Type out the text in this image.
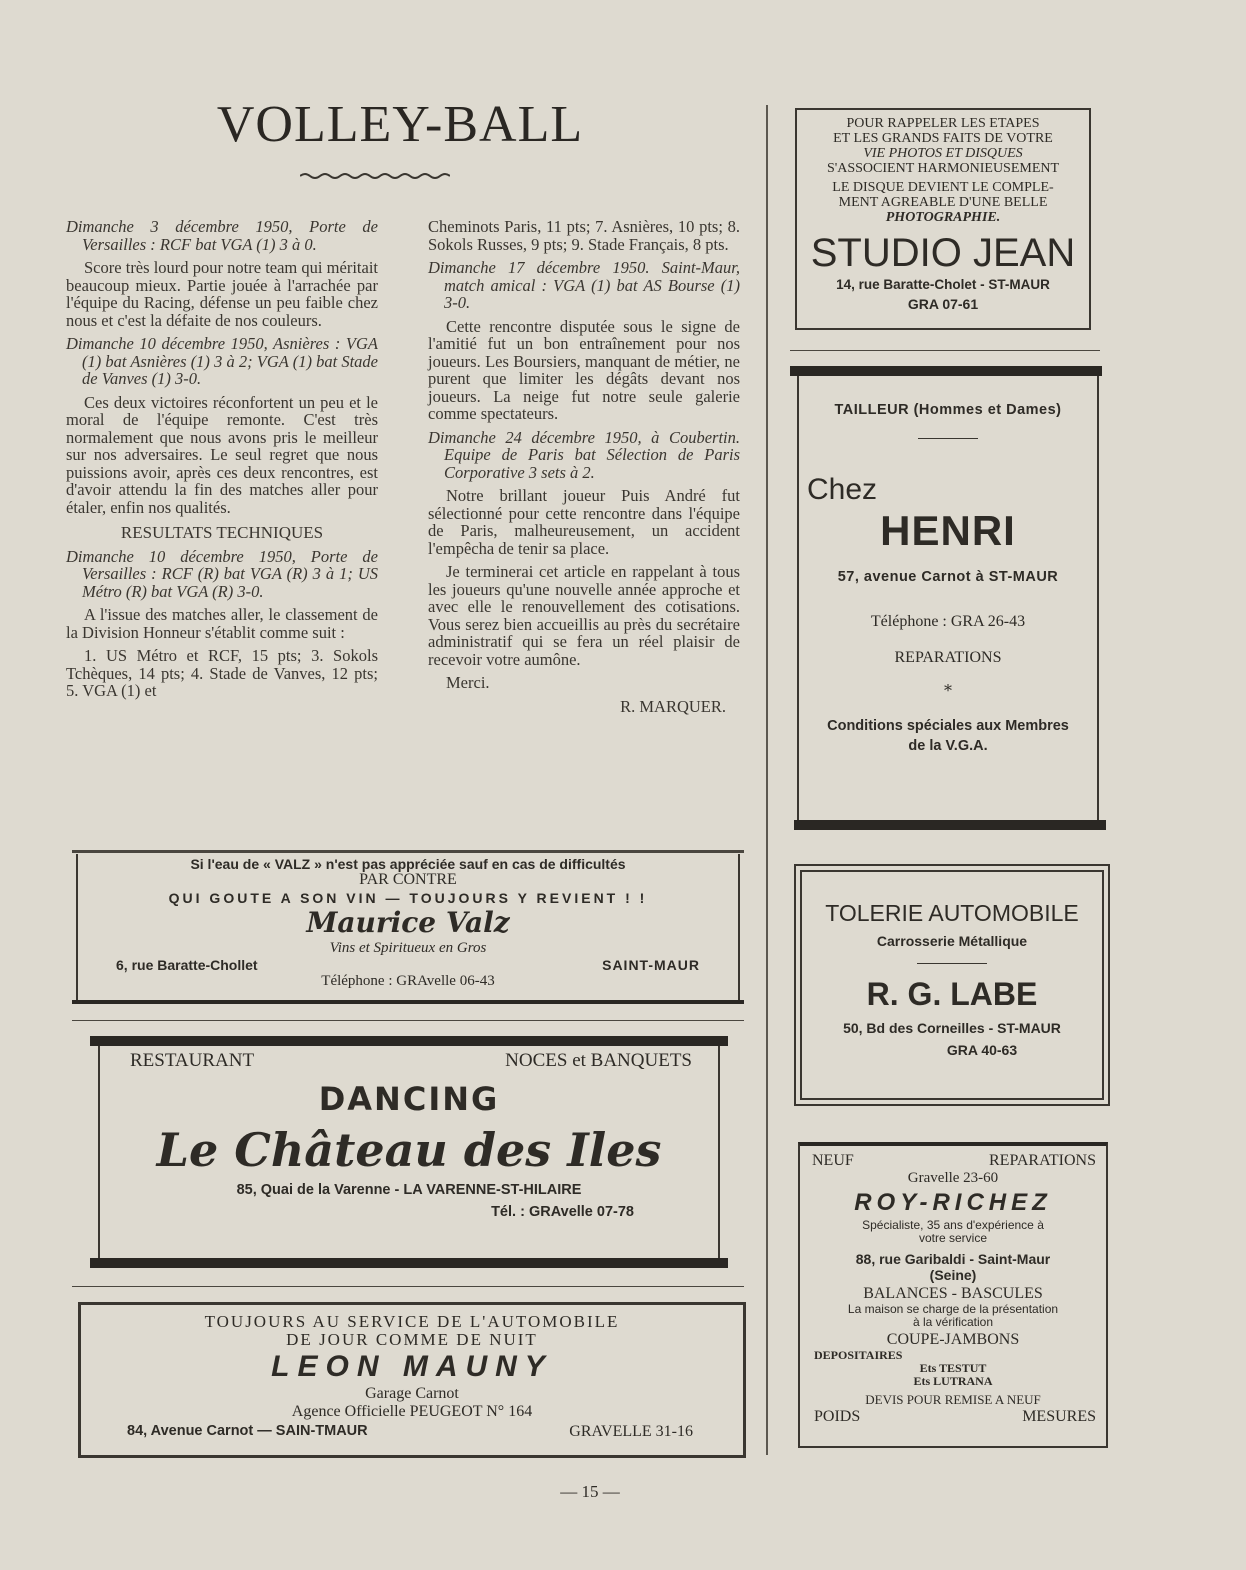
VOLLEY-BALL

Dimanche 3 décembre 1950, Porte de Versailles : RCF bat VGA (1) 3 à 0.

Score très lourd pour notre team qui méritait beaucoup mieux. Partie jouée à l'arrachée par l'équipe du Racing, défense un peu faible chez nous et c'est la défaite de nos couleurs.

Dimanche 10 décembre 1950, Asnières : VGA (1) bat Asnières (1) 3 à 2; VGA (1) bat Stade de Vanves (1) 3-0.

Ces deux victoires réconfortent un peu et le moral de l'équipe remonte. C'est très normalement que nous avons pris le meilleur sur nos adversaires. Le seul regret que nous puissions avoir, après ces deux rencontres, est d'avoir attendu la fin des matches aller pour étaler, enfin nos qualités.

RESULTATS TECHNIQUES

Dimanche 10 décembre 1950, Porte de Versailles : RCF (R) bat VGA (R) 3 à 1; US Métro (R) bat VGA (R) 3-0.

A l'issue des matches aller, le classement de la Division Honneur s'établit comme suit :

1. US Métro et RCF, 15 pts; 3. Sokols Tchèques, 14 pts; 4. Stade de Vanves, 12 pts; 5. VGA (1) et

Cheminots Paris, 11 pts; 7. Asnières, 10 pts; 8. Sokols Russes, 9 pts; 9. Stade Français, 8 pts.

Dimanche 17 décembre 1950. Saint-Maur, match amical : VGA (1) bat AS Bourse (1) 3-0.

Cette rencontre disputée sous le signe de l'amitié fut un bon entraînement pour nos joueurs. Les Boursiers, manquant de métier, ne purent que limiter les dégâts devant nos joueurs. La neige fut notre seule galerie comme spectateurs.

Dimanche 24 décembre 1950, à Coubertin. Equipe de Paris bat Sélection de Paris Corporative 3 sets à 2.

Notre brillant joueur Puis André fut sélectionné pour cette rencontre dans l'équipe de Paris, malheureusement, un accident l'empêcha de tenir sa place.

Je terminerai cet article en rappelant à tous les joueurs qu'une nouvelle année approche et avec elle le renouvellement des cotisations. Vous serez bien accueillis au près du secrétaire administratif qui se fera un réel plaisir de recevoir votre aumône.

Merci.

R. MARQUER.

Si l'eau de « VALZ » n'est pas appréciée sauf en cas de difficultés
PAR CONTRE
QUI GOUTE A SON VIN — TOUJOURS Y REVIENT ! !
Maurice Valz
Vins et Spiritueux en Gros
6, rue Baratte-Chollet	SAINT-MAUR
Téléphone : GRAvelle 06-43
RESTAURANT	NOCES et BANQUETS
DANCING
Le Château des Iles
85, Quai de la Varenne - LA VARENNE-ST-HILAIRE
Tél. : GRAvelle 07-78
TOUJOURS AU SERVICE DE L'AUTOMOBILE
DE JOUR COMME DE NUIT
LEON MAUNY
Garage Carnot
Agence Officielle PEUGEOT N° 164
84, Avenue Carnot — SAIN-TMAUR	GRAVELLE 31-16
POUR RAPPELER LES ETAPES
ET LES GRANDS FAITS DE VOTRE
VIE PHOTOS ET DISQUES
S'ASSOCIENT HARMONIEUSEMENT
LE DISQUE DEVIENT LE COMPLE-
MENT AGREABLE D'UNE BELLE
PHOTOGRAPHIE.
STUDIO JEAN
14, rue Baratte-Cholet - ST-MAUR
GRA 07-61
TAILLEUR (Hommes et Dames)
Chez
HENRI
57, avenue Carnot à ST-MAUR
Téléphone : GRA 26-43
REPARATIONS
*
Conditions spéciales aux Membres
de la V.G.A.
TOLERIE AUTOMOBILE
Carrosserie Métallique
R. G. LABE
50, Bd des Corneilles - ST-MAUR
GRA 40-63
NEUF	REPARATIONS
Gravelle 23-60
ROY-RICHEZ
Spécialiste, 35 ans d'expérience à
votre service
88, rue Garibaldi - Saint-Maur
(Seine)
BALANCES - BASCULES
La maison se charge de la présentation
à la vérification
COUPE-JAMBONS
DEPOSITAIRES
Ets TESTUT
Ets LUTRANA
DEVIS POUR REMISE A NEUF
POIDS	MESURES
— 15 —
